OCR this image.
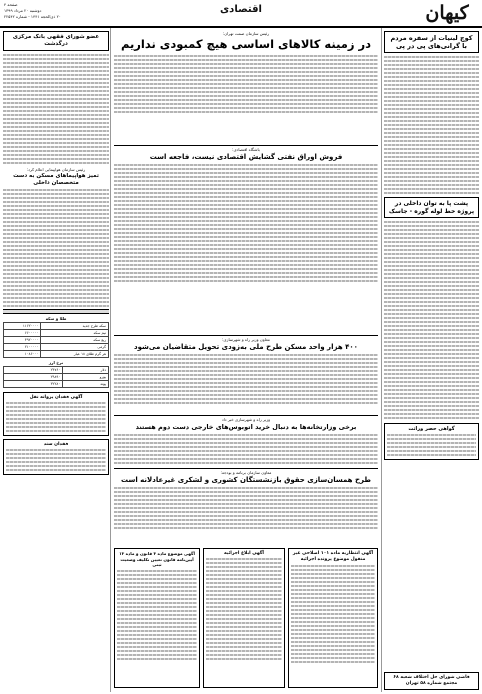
کیهان
اقتصادی
صفحه ۴
دوشنبه ۲۰ مرداد ۱۳۹۹
۲۰ ذی‌الحجه ۱۴۴۱ - شماره ۲۲۵۴۲
کوچ لبنیات از سفره مردم با گرانی‌های پی در پی
پشت پا به توان داخلی در پروژه خط لوله گوره - جاسک
گواهی حصر وراثت
رئیس سازمان صمت تهران:
در زمینه کالاهای اساسی هیچ کمبودی نداریم
باشگاه اقتصادی:
فروش اوراق نفتی گشایش اقتصادی نیست، فاجعه است
معاون وزیر راه و شهرسازی:
۴۰۰ هزار واحد مسکن طرح ملی به‌زودی تحویل متقاضیان می‌شود
وزیر راه و شهرسازی خبر داد
برخی وزارتخانه‌ها به دنبال خرید اتوبوس‌های خارجی دست دوم هستند
معاون سازمان برنامه و بودجه:
طرح همسان‌سازی حقوق بازنشستگان کشوری و لشکری غیرعادلانه است
آگهی انتظاریه ماده ۱۰۱ اصلاحی غیر منقول موضوع پرونده اجرائیه
آگهی ابلاغ اجرائیه
آگهی موضوع ماده ۳ قانون و ماده ۱۳ آیین‌نامه قانون تعیین تکلیف وضعیت ثبتی
عضو شورای فقهی بانک مرکزی درگذشت
رئیس سازمان هواپیمایی اعلام کرد:
تمیز هواپیماهای مسکن به دست متخصصان داخلی
طلا و سکه
سکه طرح جدید	۱۱۶۲۰۰۰۰
نیم سکه	۶۶۰۰۰۰۰
ربع سکه	۳۹۲۰۰۰۰
گرمی	۲۱۰۰۰۰۰
هر گرم طلای ۱۸ عیار	۱۰۸۶۰۰۰
نرخ ارز
دلار	۲۴۷۶۰
یورو	۲۹۸۹۰
پوند	۳۲۲۸۰
آگهی فقدان پروانه نقل
فقدان سند
قاضی شورای حل اختلاف شعبه ۶۸ مجتمع شماره ۵۸ تهران
